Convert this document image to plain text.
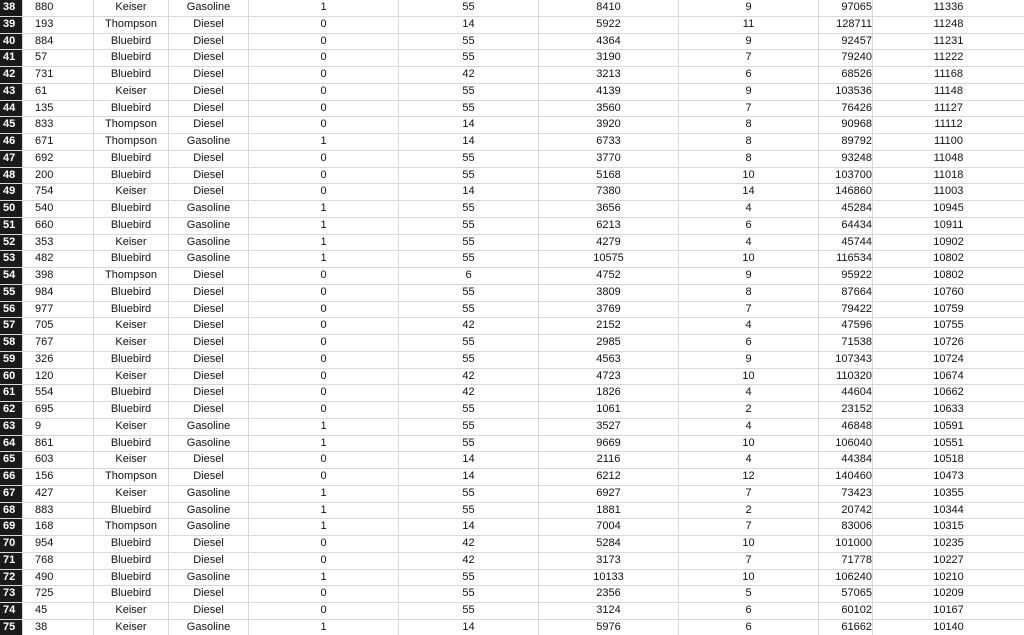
38	880	Keiser	Gasoline	1	55	8410	9	97065	11336
39	193	Thompson	Diesel	0	14	5922	11	128711	11248
40	884	Bluebird	Diesel	0	55	4364	9	92457	11231
41	57	Bluebird	Diesel	0	55	3190	7	79240	11222
42	731	Bluebird	Diesel	0	42	3213	6	68526	11168
43	61	Keiser	Diesel	0	55	4139	9	103536	11148
44	135	Bluebird	Diesel	0	55	3560	7	76426	11127
45	833	Thompson	Diesel	0	14	3920	8	90968	11112
46	671	Thompson	Gasoline	1	14	6733	8	89792	11100
47	692	Bluebird	Diesel	0	55	3770	8	93248	11048
48	200	Bluebird	Diesel	0	55	5168	10	103700	11018
49	754	Keiser	Diesel	0	14	7380	14	146860	11003
50	540	Bluebird	Gasoline	1	55	3656	4	45284	10945
51	660	Bluebird	Gasoline	1	55	6213	6	64434	10911
52	353	Keiser	Gasoline	1	55	4279	4	45744	10902
53	482	Bluebird	Gasoline	1	55	10575	10	116534	10802
54	398	Thompson	Diesel	0	6	4752	9	95922	10802
55	984	Bluebird	Diesel	0	55	3809	8	87664	10760
56	977	Bluebird	Diesel	0	55	3769	7	79422	10759
57	705	Keiser	Diesel	0	42	2152	4	47596	10755
58	767	Keiser	Diesel	0	55	2985	6	71538	10726
59	326	Bluebird	Diesel	0	55	4563	9	107343	10724
60	120	Keiser	Diesel	0	42	4723	10	110320	10674
61	554	Bluebird	Diesel	0	42	1826	4	44604	10662
62	695	Bluebird	Diesel	0	55	1061	2	23152	10633
63	9	Keiser	Gasoline	1	55	3527	4	46848	10591
64	861	Bluebird	Gasoline	1	55	9669	10	106040	10551
65	603	Keiser	Diesel	0	14	2116	4	44384	10518
66	156	Thompson	Diesel	0	14	6212	12	140460	10473
67	427	Keiser	Gasoline	1	55	6927	7	73423	10355
68	883	Bluebird	Gasoline	1	55	1881	2	20742	10344
69	168	Thompson	Gasoline	1	14	7004	7	83006	10315
70	954	Bluebird	Diesel	0	42	5284	10	101000	10235
71	768	Bluebird	Diesel	0	42	3173	7	71778	10227
72	490	Bluebird	Gasoline	1	55	10133	10	106240	10210
73	725	Bluebird	Diesel	0	55	2356	5	57065	10209
74	45	Keiser	Diesel	0	55	3124	6	60102	10167
75	38	Keiser	Gasoline	1	14	5976	6	61662	10140
